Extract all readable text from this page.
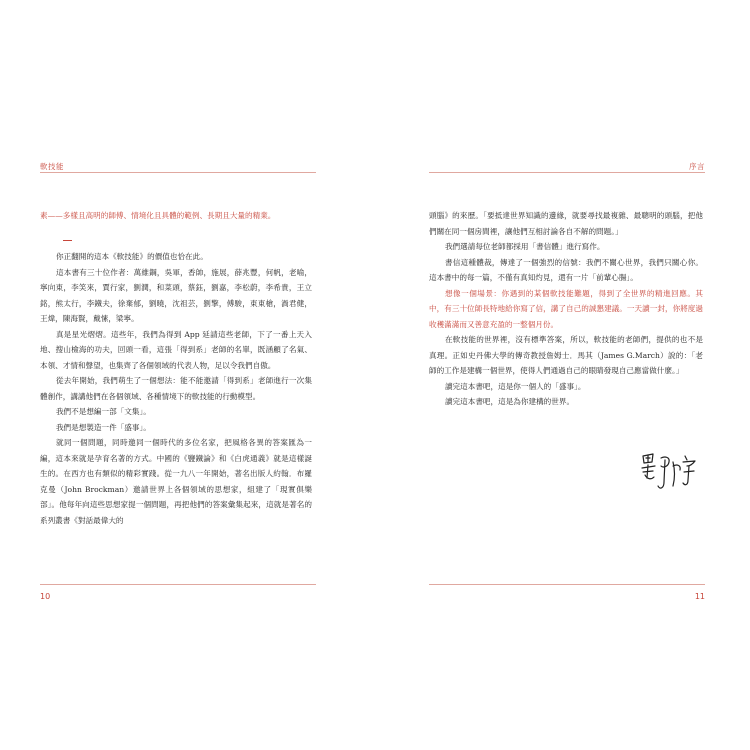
軟技能

素——多樣且高明的師傅、情境化且具體的範例、長期且大量的精業。

你正翻開的這本《軟技能》的價值也恰在此。

這本書有三十位作者：萬維鋼，吳軍，香帥，施展，薛兆豐，何帆，老喻，寧向東，李笑來，賈行家，劉潤，和菜頭，蔡鈺，劉嘉，李松蔚，李希貴，王立銘，熊太行，李鐵夫，徐棄郁，劉曉，沈祖芸，劉擎，傅駿，東東槍，渦君健，王煒，陳海賢，戴愫，梁寧。

真是星光熠熠。這些年，我們為得到 App 延請這些老師，下了一番上天入地、搜山檢海的功夫，回頭一看，這張「得到系」老師的名單，既涵顧了名氣、本領、才情和聲望，也集齊了各個領域的代表人物，足以令我們自傲。

從去年開始，我們萌生了一個想法：能不能邀請「得到系」老師進行一次集體創作，講講他們在各個領域、各種情境下的軟技能的行動模型。

我們不是想編一部「文集」。

我們是想製造一件「盛事」。

就同一個問題，同時邀同一個時代的多位名家，把風格各異的答案匯為一編，這本來就是孕育名著的方式。中國的《鹽鐵論》和《白虎通義》就是這樣誕生的。在西方也有類似的精彩實踐。從一九八一年開始，著名出版人約翰．布羅克曼（John Brockman）邀請世界上各個領域的思想家，組建了「現實俱樂部」。他每年向這些思想家提一個問題，再把他們的答案彙集起來，這就是著名的系列叢書《對話最偉大的

10
序言

頭腦》的來歷。「要抵達世界知識的邊緣，就要尋找最複雜、最聰明的頭腦，把他們關在同一個房間裡，讓他們互相討論各自不解的問題。」

我們選請每位老師都採用「書信體」進行寫作。

書信這種體裁，傳達了一個強烈的信號：我們不關心世界，我們只關心你。這本書中的每一篇，不僅有真知灼見，還有一片「前輩心腸」。

想像一個場景：你遇到的某個軟技能難題，得到了全世界的精進回應。其中，有三十位師長特地給你寫了信，講了自己的誠懇建議。一天讀一封，你將度過收穫滿滿而又善意充盈的一整個月份。

在軟技能的世界裡，沒有標準答案，所以，軟技能的老師們，提供的也不是真理。正如史丹佛大學的傳奇教授詹姆士．馬其（James G.March）說的：「老師的工作是建構一個世界，使得人們通過自己的眼睛發現自己應當做什麼。」

讀完這本書吧，這是你一個人的「盛事」。

讀完這本書吧，這是為你建構的世界。

11
